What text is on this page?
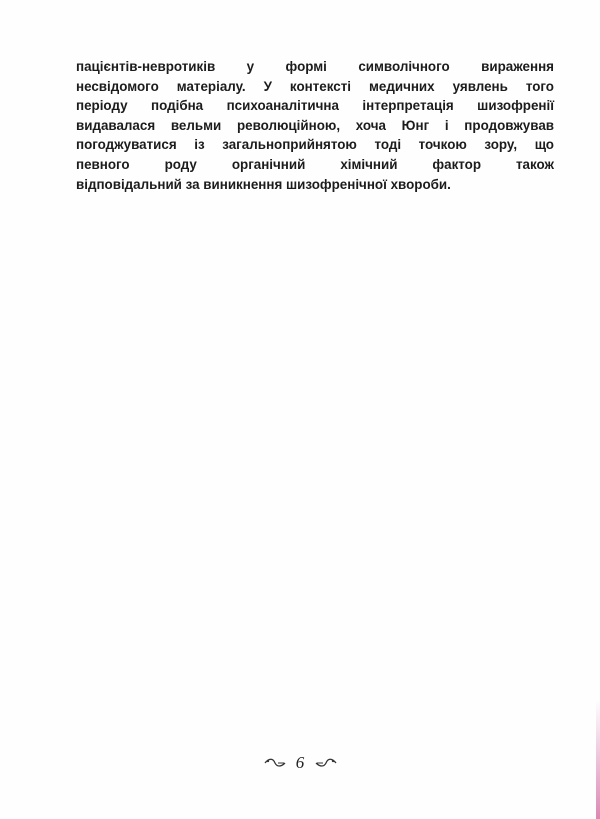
пацієнтів-невротиків у формі символічного вираження
несвідомого матеріалу. У контексті медичних уявлень того
періоду подібна психоаналітична інтерпретація шизофренії
видавалася вельми революційною, хоча Юнг і продовжував
погоджуватися із загальноприйнятою тоді точкою зору, що
певного роду органічний хімічний фактор також
відповідальний за виникнення шизофренічної хвороби.
6
